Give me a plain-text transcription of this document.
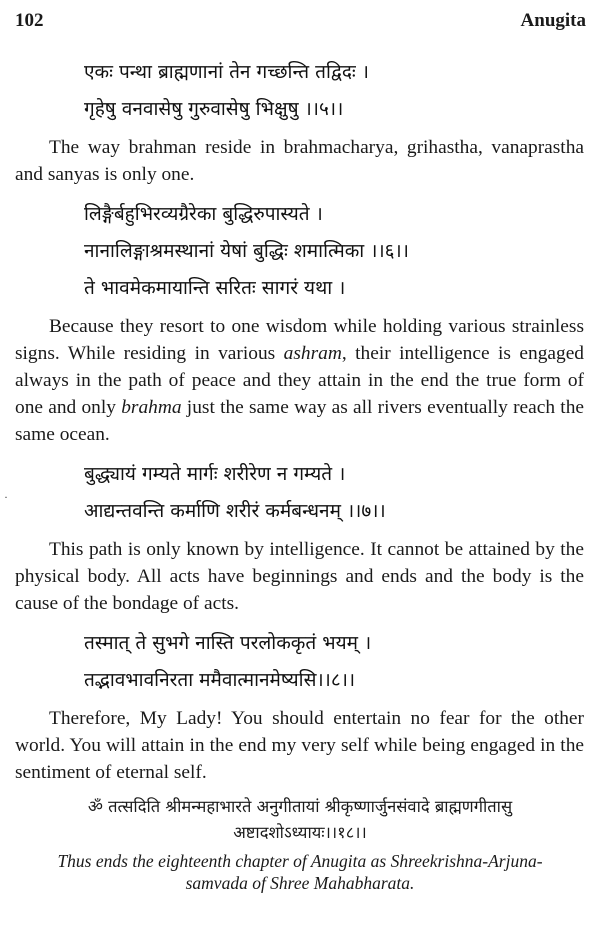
102	Anugita
एकः पन्था ब्राह्मणानां तेन गच्छन्ति तद्विदः ।
गृहेषु वनवासेषु गुरुवासेषु भिक्षुषु ।।५।।

The way brahman reside in brahmacharya, grihastha, vanaprastha and sanyas is only one.

लिङ्गैर्बहुभिरव्यग्रैरेका बुद्धिरुपास्यते ।
नानालिङ्गाश्रमस्थानां येषां बुद्धिः शमात्मिका ।।६।।
ते भावमेकमायान्ति सरितः सागरं यथा ।

Because they resort to one wisdom while holding various strainless signs. While residing in various ashram, their intelligence is engaged always in the path of peace and they attain in the end the true form of one and only brahma just the same way as all rivers eventually reach the same ocean.

बुद्ध्यायं गम्यते मार्गः शरीरेण न गम्यते ।
आद्यन्तवन्ति कर्माणि शरीरं कर्मबन्धनम् ।।७।।

This path is only known by intelligence. It cannot be attained by the physical body. All acts have beginnings and ends and the body is the cause of the bondage of acts.

तस्मात् ते सुभगे नास्ति परलोककृतं भयम् ।
तद्भावभावनिरता ममैवात्मानमेष्यसि।।८।।

Therefore, My Lady! You should entertain no fear for the other world. You will attain in the end my very self while being engaged in the sentiment of eternal self.

ॐ तत्सदिति श्रीमन्महाभारते अनुगीतायां श्रीकृष्णार्जुनसंवादे ब्राह्मणगीतासु
अष्टादशोऽध्यायः।।१८।।
Thus ends the eighteenth chapter of Anugita as Shreekrishna-Arjuna-samvada of Shree Mahabharata.
·
